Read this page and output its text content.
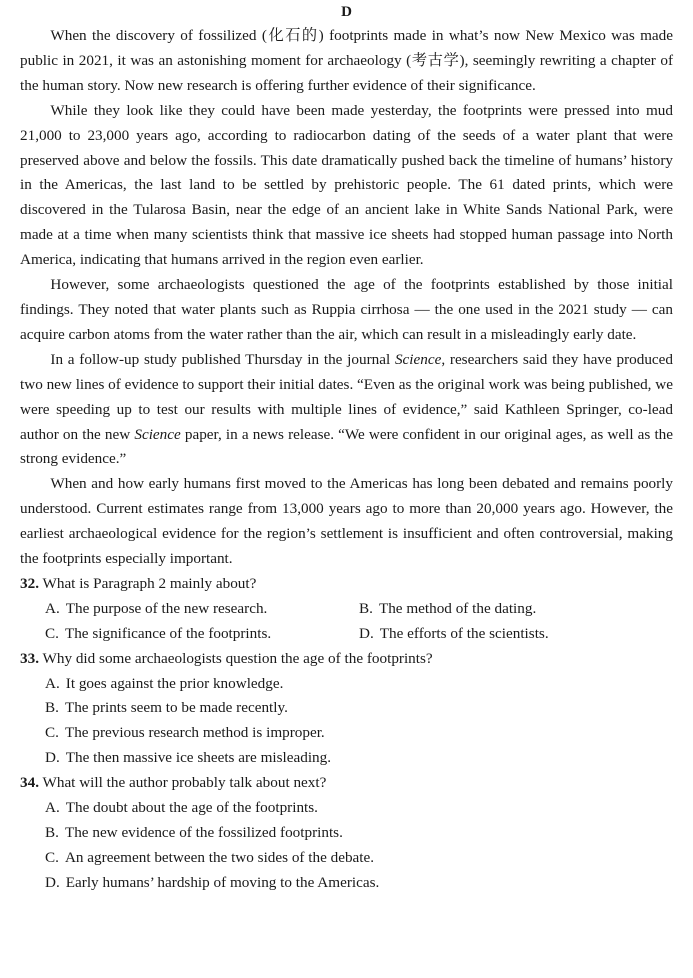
D

When the discovery of fossilized (化石的) footprints made in what’s now New Mexico was made public in 2021, it was an astonishing moment for archaeology (考古学), seemingly rewriting a chapter of the human story. Now new research is offering further evidence of their significance.

While they look like they could have been made yesterday, the footprints were pressed into mud 21,000 to 23,000 years ago, according to radiocarbon dating of the seeds of a water plant that were preserved above and below the fossils. This date dramatically pushed back the timeline of humans’ history in the Americas, the last land to be settled by prehistoric people. The 61 dated prints, which were discovered in the Tularosa Basin, near the edge of an ancient lake in White Sands National Park, were made at a time when many scientists think that massive ice sheets had stopped human passage into North America, indicating that humans arrived in the region even earlier.

However, some archaeologists questioned the age of the footprints established by those initial findings. They noted that water plants such as Ruppia cirrhosa — the one used in the 2021 study — can acquire carbon atoms from the water rather than the air, which can result in a misleadingly early date.

In a follow-up study published Thursday in the journal Science, researchers said they have produced two new lines of evidence to support their initial dates. “Even as the original work was being published, we were speeding up to test our results with multiple lines of evidence,” said Kathleen Springer, co-lead author on the new Science paper, in a news release. “We were confident in our original ages, as well as the strong evidence.”

When and how early humans first moved to the Americas has long been debated and remains poorly understood. Current estimates range from 13,000 years ago to more than 20,000 years ago. However, the earliest archaeological evidence for the region’s settlement is insufficient and often controversial, making the footprints especially important.

32. What is Paragraph 2 mainly about?

A. The purpose of the new research.	B. The method of the dating.
C. The significance of the footprints.	D. The efforts of the scientists.

33. Why did some archaeologists question the age of the footprints?

A. It goes against the prior knowledge.
B. The prints seem to be made recently.
C. The previous research method is improper.
D. The then massive ice sheets are misleading.

34. What will the author probably talk about next?

A. The doubt about the age of the footprints.
B. The new evidence of the fossilized footprints.
C. An agreement between the two sides of the debate.
D. Early humans’ hardship of moving to the Americas.
